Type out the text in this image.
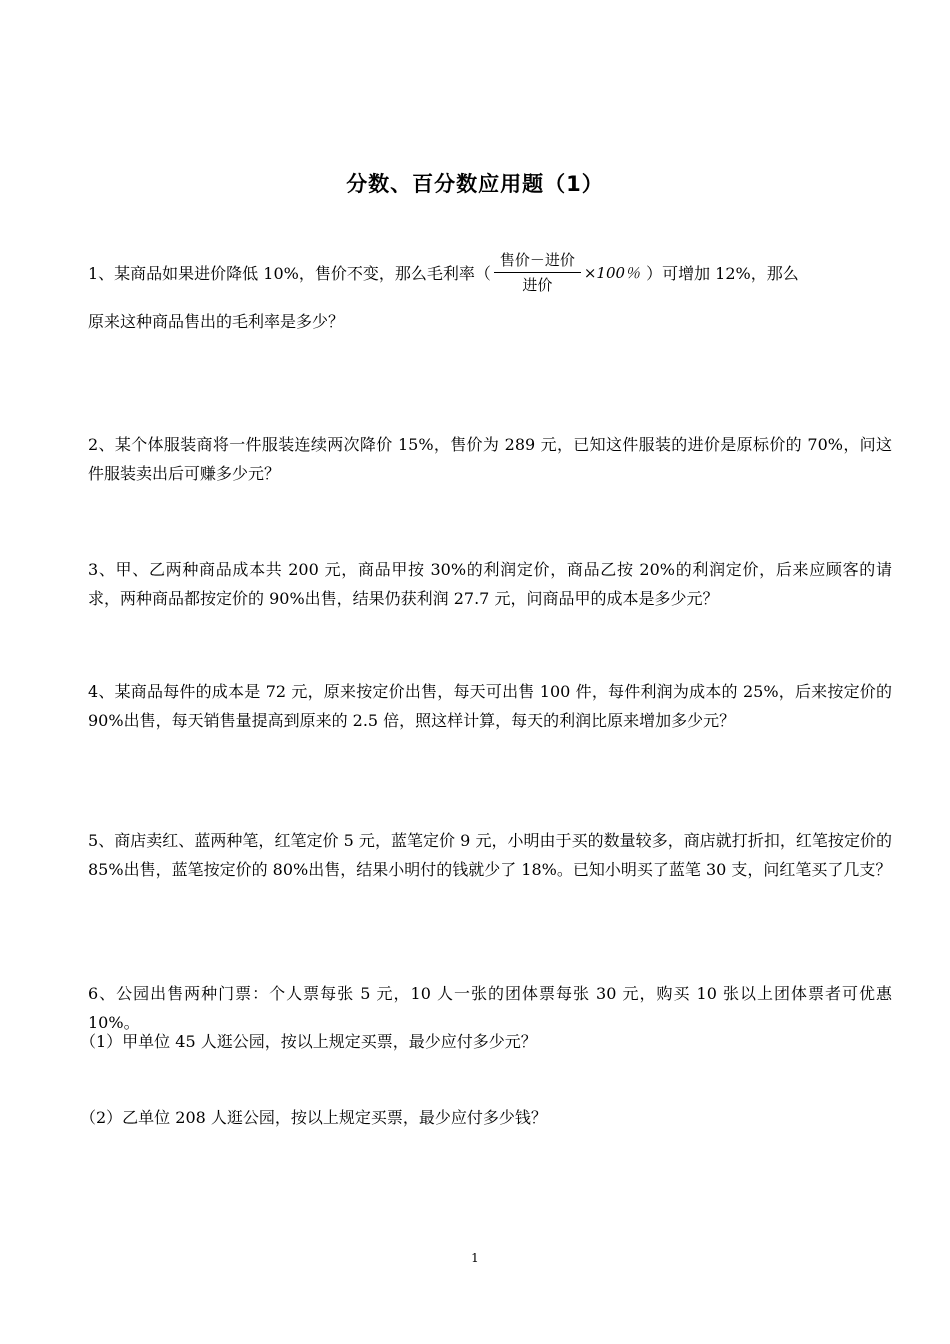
分数、百分数应用题（1）
1、某商品如果进价降低 10%，售价不变，那么毛利率（ $\frac{\text{售价－进价}}{\text{进价}} \times 100$％ ）可增加 12%，那么
原来这种商品售出的毛利率是多少？
2、某个体服装商将一件服装连续两次降价 15%，售价为 289 元，已知这件服装的进价是原标价的 70%，问这件服装卖出后可赚多少元？
3、甲、乙两种商品成本共 200 元，商品甲按 30%的利润定价，商品乙按 20%的利润定价，后来应顾客的请求，两种商品都按定价的 90%出售，结果仍获利润 27.7 元，问商品甲的成本是多少元？
4、某商品每件的成本是 72 元，原来按定价出售，每天可出售 100 件，每件利润为成本的 25%，后来按定价的 90%出售，每天销售量提高到原来的 2.5 倍，照这样计算，每天的利润比原来增加多少元？
5、商店卖红、蓝两种笔，红笔定价 5 元，蓝笔定价 9 元，小明由于买的数量较多，商店就打折扣，红笔按定价的 85%出售，蓝笔按定价的 80%出售，结果小明付的钱就少了 18%。已知小明买了蓝笔 30 支，问红笔买了几支？
6、公园出售两种门票：个人票每张 5 元，10 人一张的团体票每张 30 元，购买 10 张以上团体票者可优惠 10%。
（1）甲单位 45 人逛公园，按以上规定买票，最少应付多少元？
（2）乙单位 208 人逛公园，按以上规定买票，最少应付多少钱？
1
